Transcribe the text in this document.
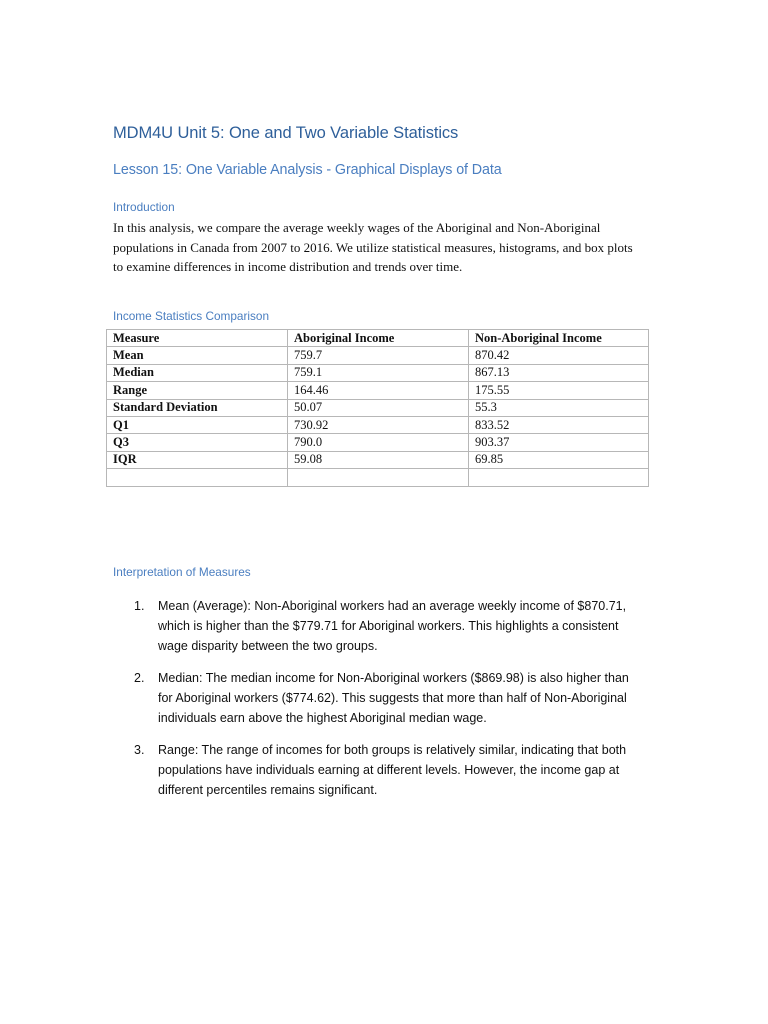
MDM4U Unit 5: One and Two Variable Statistics
Lesson 15: One Variable Analysis - Graphical Displays of Data
Introduction

In this analysis, we compare the average weekly wages of the Aboriginal and Non-Aboriginal populations in Canada from 2007 to 2016. We utilize statistical measures, histograms, and box plots to examine differences in income distribution and trends over time.

Income Statistics Comparison
Measure	Aboriginal Income	Non-Aboriginal Income
Mean	759.7	870.42
Median	759.1	867.13
Range	164.46	175.55
Standard Deviation	50.07	55.3
Q1	730.92	833.52
Q3	790.0	903.37
IQR	59.08	69.85

Interpretation of Measures
1. Mean (Average): Non-Aboriginal workers had an average weekly income of $870.71, which is higher than the $779.71 for Aboriginal workers. This highlights a consistent wage disparity between the two groups.
2. Median: The median income for Non-Aboriginal workers ($869.98) is also higher than for Aboriginal workers ($774.62). This suggests that more than half of Non-Aboriginal individuals earn above the highest Aboriginal median wage.
3. Range: The range of incomes for both groups is relatively similar, indicating that both populations have individuals earning at different levels. However, the income gap at different percentiles remains significant.
